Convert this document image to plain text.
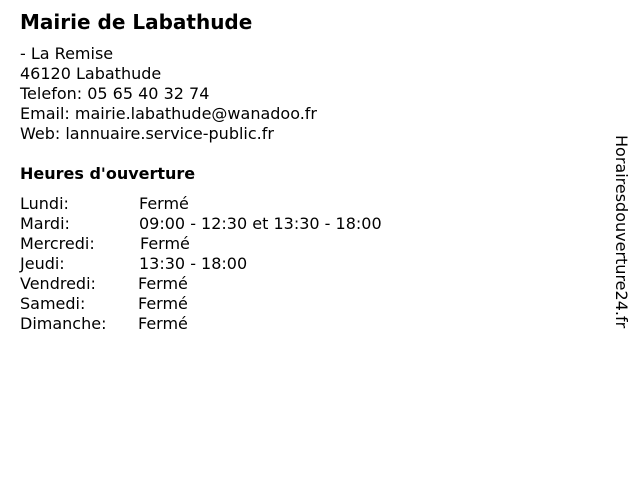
Mairie de Labathude
- La Remise
46120 Labathude
Telefon: 05 65 40 32 74
Email: mairie.labathude@wanadoo.fr
Web: lannuaire.service-public.fr
Heures d'ouverture
Lundi:	Fermé
Mardi:	09:00 - 12:30 et 13:30 - 18:00
Mercredi:	Fermé
Jeudi:	13:30 - 18:00
Vendredi:	Fermé
Samedi:	Fermé
Dimanche: Fermé	Horairesdouverture24.fr
